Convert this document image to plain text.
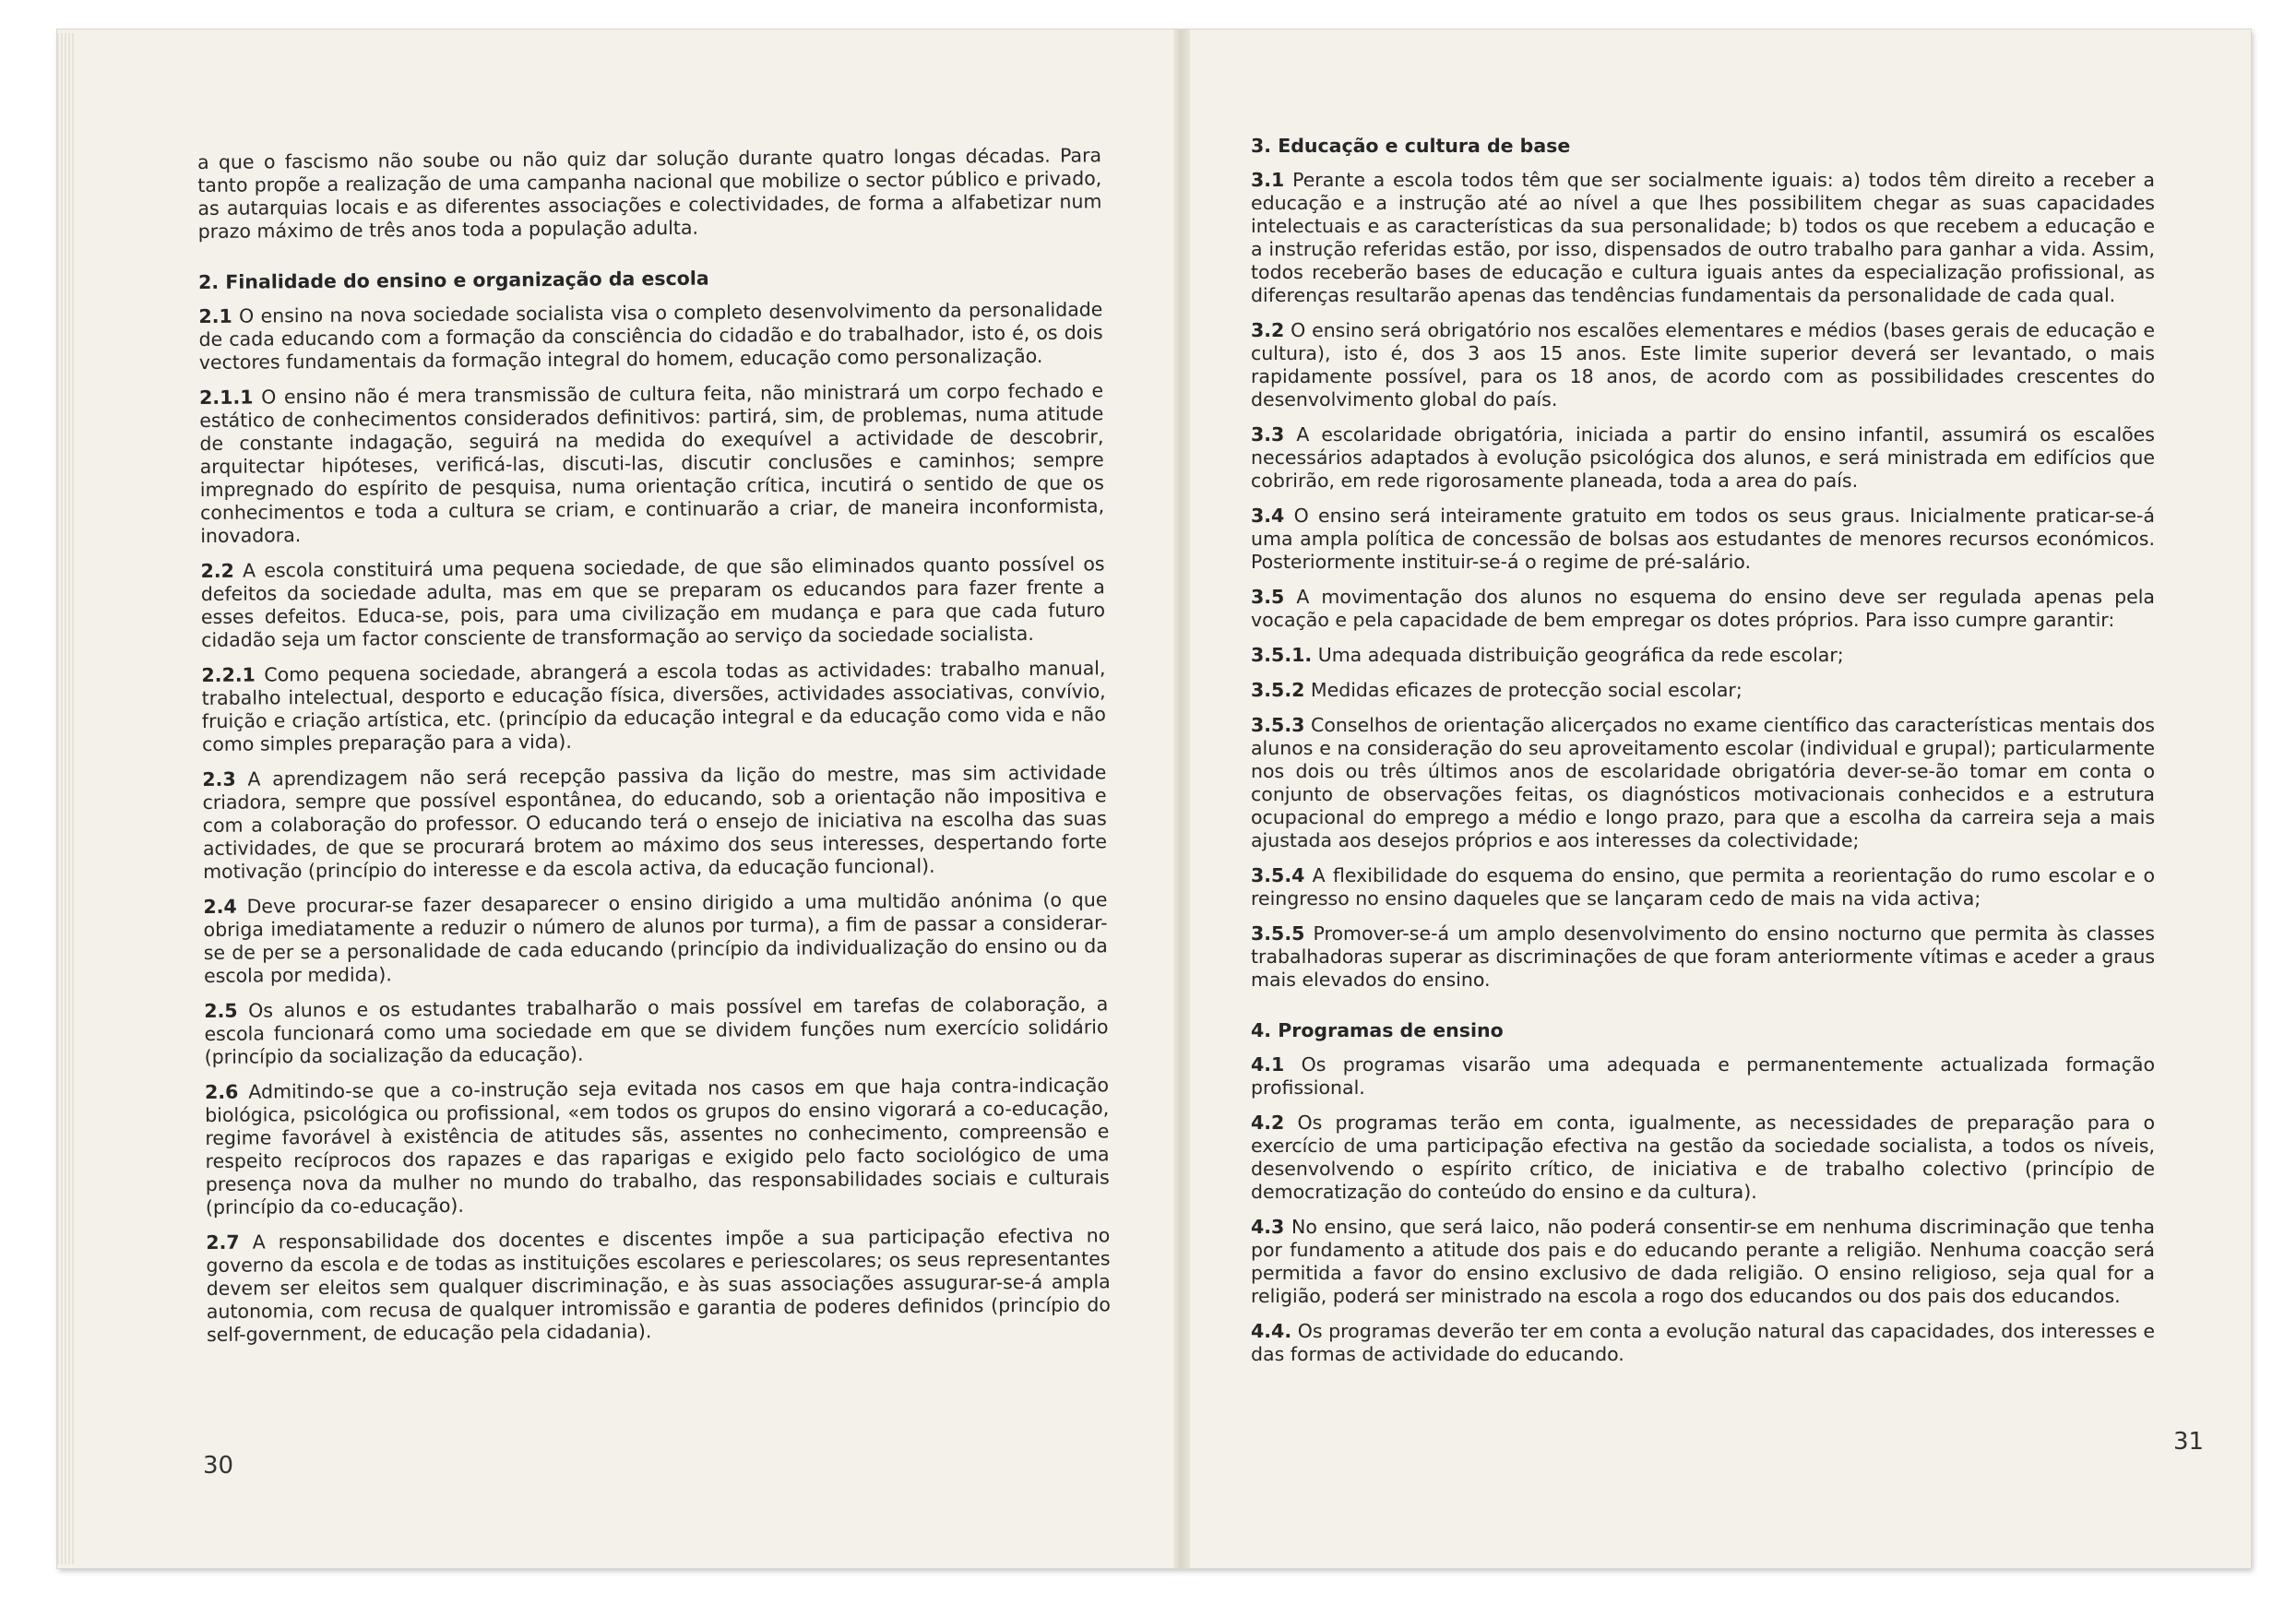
a que o fascismo não soube ou não quiz dar solução durante quatro longas décadas. Para tanto propõe a realização de uma campanha nacional que mobilize o sector público e privado, as autarquias locais e as diferentes associações e colectividades, de forma a alfabetizar num prazo máximo de três anos toda a população adulta.

2. Finalidade do ensino e organização da escola

2.1 O ensino na nova sociedade socialista visa o completo desenvolvimento da personalidade de cada educando com a formação da consciência do cidadão e do trabalhador, isto é, os dois vectores fundamentais da formação integral do homem, educação como personalização.

2.1.1 O ensino não é mera transmissão de cultura feita, não ministrará um corpo fechado e estático de conhecimentos considerados definitivos: partirá, sim, de problemas, numa atitude de constante indagação, seguirá na medida do exequível a actividade de descobrir, arquitectar hipóteses, verificá-las, discuti-las, discutir conclusões e caminhos; sempre impregnado do espírito de pesquisa, numa orientação crítica, incutirá o sentido de que os conhecimentos e toda a cultura se criam, e continuarão a criar, de maneira inconformista, inovadora.

2.2 A escola constituirá uma pequena sociedade, de que são eliminados quanto possível os defeitos da sociedade adulta, mas em que se preparam os educandos para fazer frente a esses defeitos. Educa-se, pois, para uma civilização em mudança e para que cada futuro cidadão seja um factor consciente de transformação ao serviço da sociedade socialista.

2.2.1 Como pequena sociedade, abrangerá a escola todas as actividades: trabalho manual, trabalho intelectual, desporto e educação física, diversões, actividades associativas, convívio, fruição e criação artística, etc. (princípio da educação integral e da educação como vida e não como simples preparação para a vida).

2.3 A aprendizagem não será recepção passiva da lição do mestre, mas sim actividade criadora, sempre que possível espontânea, do educando, sob a orientação não impositiva e com a colaboração do professor. O educando terá o ensejo de iniciativa na escolha das suas actividades, de que se procurará brotem ao máximo dos seus interesses, despertando forte motivação (princípio do interesse e da escola activa, da educação funcional).

2.4 Deve procurar-se fazer desaparecer o ensino dirigido a uma multidão anónima (o que obriga imediatamente a reduzir o número de alunos por turma), a fim de passar a considerar-se de per se a personalidade de cada educando (princípio da individualização do ensino ou da escola por medida).

2.5 Os alunos e os estudantes trabalharão o mais possível em tarefas de colaboração, a escola funcionará como uma sociedade em que se dividem funções num exercício solidário (princípio da socialização da educação).

2.6 Admitindo-se que a co-instrução seja evitada nos casos em que haja contra-indicação biológica, psicológica ou profissional, «em todos os grupos do ensino vigorará a co-educação, regime favorável à existência de atitudes sãs, assentes no conhecimento, compreensão e respeito recíprocos dos rapazes e das raparigas e exigido pelo facto sociológico de uma presença nova da mulher no mundo do trabalho, das responsabilidades sociais e culturais (princípio da co-educação).

2.7 A responsabilidade dos docentes e discentes impõe a sua participação efectiva no governo da escola e de todas as instituições escolares e periescolares; os seus representantes devem ser eleitos sem qualquer discriminação, e às suas associações assugurar-se-á ampla autonomia, com recusa de qualquer intromissão e garantia de poderes definidos (princípio do self-government, de educação pela cidadania).

30
3. Educação e cultura de base

3.1 Perante a escola todos têm que ser socialmente iguais: a) todos têm direito a receber a educação e a instrução até ao nível a que lhes possibilitem chegar as suas capacidades intelectuais e as características da sua personalidade; b) todos os que recebem a educação e a instrução referidas estão, por isso, dispensados de outro trabalho para ganhar a vida. Assim, todos receberão bases de educação e cultura iguais antes da especialização profissional, as diferenças resultarão apenas das tendências fundamentais da personalidade de cada qual.

3.2 O ensino será obrigatório nos escalões elementares e médios (bases gerais de educação e cultura), isto é, dos 3 aos 15 anos. Este limite superior deverá ser levantado, o mais rapidamente possível, para os 18 anos, de acordo com as possibilidades crescentes do desenvolvimento global do país.

3.3 A escolaridade obrigatória, iniciada a partir do ensino infantil, assumirá os escalões necessários adaptados à evolução psicológica dos alunos, e será ministrada em edifícios que cobrirão, em rede rigorosamente planeada, toda a area do país.

3.4 O ensino será inteiramente gratuito em todos os seus graus. Inicialmente praticar-se-á uma ampla política de concessão de bolsas aos estudantes de menores recursos económicos. Posteriormente instituir-se-á o regime de pré-salário.

3.5 A movimentação dos alunos no esquema do ensino deve ser regulada apenas pela vocação e pela capacidade de bem empregar os dotes próprios. Para isso cumpre garantir:

3.5.1. Uma adequada distribuição geográfica da rede escolar;

3.5.2 Medidas eficazes de protecção social escolar;

3.5.3 Conselhos de orientação alicerçados no exame científico das características mentais dos alunos e na consideração do seu aproveitamento escolar (individual e grupal); particularmente nos dois ou três últimos anos de escolaridade obrigatória dever-se-ão tomar em conta o conjunto de observações feitas, os diagnósticos motivacionais conhecidos e a estrutura ocupacional do emprego a médio e longo prazo, para que a escolha da carreira seja a mais ajustada aos desejos próprios e aos interesses da colectividade;

3.5.4 A flexibilidade do esquema do ensino, que permita a reorientação do rumo escolar e o reingresso no ensino daqueles que se lançaram cedo de mais na vida activa;

3.5.5 Promover-se-á um amplo desenvolvimento do ensino nocturno que permita às classes trabalhadoras superar as discriminações de que foram anteriormente vítimas e aceder a graus mais elevados do ensino.

4. Programas de ensino

4.1 Os programas visarão uma adequada e permanentemente actualizada formação profissional.

4.2 Os programas terão em conta, igualmente, as necessidades de preparação para o exercício de uma participação efectiva na gestão da sociedade socialista, a todos os níveis, desenvolvendo o espírito crítico, de iniciativa e de trabalho colectivo (princípio de democratização do conteúdo do ensino e da cultura).

4.3 No ensino, que será laico, não poderá consentir-se em nenhuma discriminação que tenha por fundamento a atitude dos pais e do educando perante a religião. Nenhuma coacção será permitida a favor do ensino exclusivo de dada religião. O ensino religioso, seja qual for a religião, poderá ser ministrado na escola a rogo dos educandos ou dos pais dos educandos.

4.4. Os programas deverão ter em conta a evolução natural das capacidades, dos interesses e das formas de actividade do educando.

31
